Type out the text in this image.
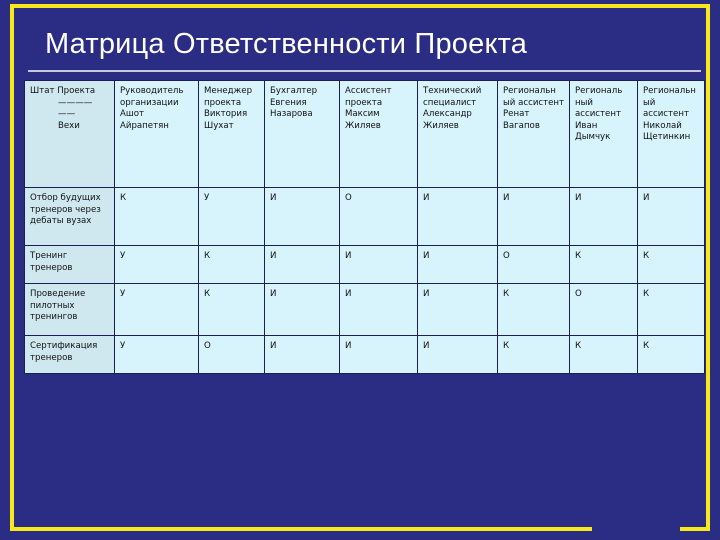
Матрица Ответственности Проекта
Штат Проекта
————
——
Вехи	Руководитель организации Ашот Айрапетян	Менеджер проекта Виктория Шухат	Бухгалтер Евгения Назарова	Ассистент проекта Максим Жиляев	Технический специалист Александр Жиляев	Региональн ый ассистент Ренат Вагапов	Региональ ный ассистент Иван Дымчук	Региональн ый ассистент Николай Щетинкин
Отбор будущих тренеров через дебаты вузах	К	У	И	О	И	И	И	И
Тренинг тренеров	У	К	И	И	И	О	К	К
Проведение пилотных тренингов	У	К	И	И	И	К	О	К
Сертификация тренеров	У	О	И	И	И	К	К	К
